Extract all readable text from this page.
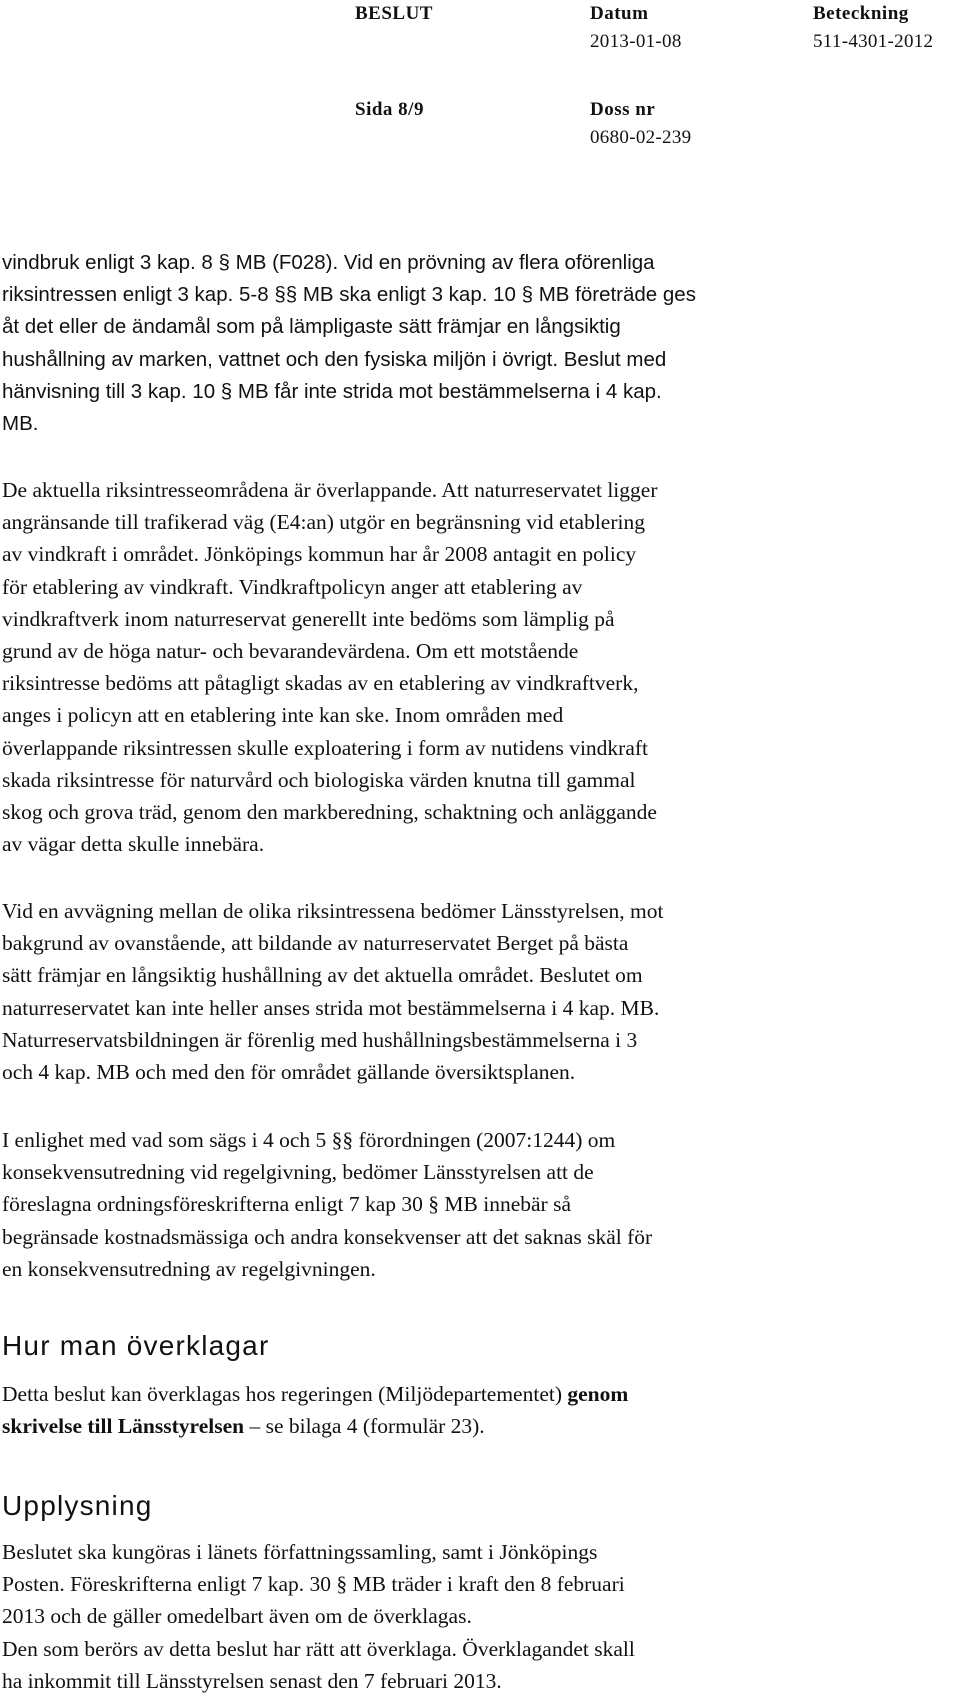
BESLUT	Datum
2013-01-08
Beteckning
511-4301-2012
Sida 8/9	Doss nr
0680-02-239

vindbruk enligt 3 kap. 8 § MB (F028). Vid en prövning av flera oförenliga
riksintressen enligt 3 kap. 5-8 §§ MB ska enligt 3 kap. 10 § MB företräde ges
åt det eller de ändamål som på lämpligaste sätt främjar en långsiktig
hushållning av marken, vattnet och den fysiska miljön i övrigt. Beslut med
hänvisning till 3 kap. 10 § MB får inte strida mot bestämmelserna i 4 kap.
MB.

De aktuella riksintresseområdena är överlappande. Att naturreservatet ligger
angränsande till trafikerad väg (E4:an) utgör en begränsning vid etablering
av vindkraft i området. Jönköpings kommun har år 2008 antagit en policy
för etablering av vindkraft. Vindkraftpolicyn anger att etablering av
vindkraftverk inom naturreservat generellt inte bedöms som lämplig på
grund av de höga natur- och bevarandevärdena. Om ett motstående
riksintresse bedöms att påtagligt skadas av en etablering av vindkraftverk,
anges i policyn att en etablering inte kan ske. Inom områden med
överlappande riksintressen skulle exploatering i form av nutidens vindkraft
skada riksintresse för naturvård och biologiska värden knutna till gammal
skog och grova träd, genom den markberedning, schaktning och anläggande
av vägar detta skulle innebära.

Vid en avvägning mellan de olika riksintressena bedömer Länsstyrelsen, mot
bakgrund av ovanstående, att bildande av naturreservatet Berget på bästa
sätt främjar en långsiktig hushållning av det aktuella området. Beslutet om
naturreservatet kan inte heller anses strida mot bestämmelserna i 4 kap. MB.
Naturreservatsbildningen är förenlig med hushållningsbestämmelserna i 3
och 4 kap. MB och med den för området gällande översiktsplanen.

I enlighet med vad som sägs i 4 och 5 §§ förordningen (2007:1244) om
konsekvensutredning vid regelgivning, bedömer Länsstyrelsen att de
föreslagna ordningsföreskrifterna enligt 7 kap 30 § MB innebär så
begränsade kostnadsmässiga och andra konsekvenser att det saknas skäl för
en konsekvensutredning av regelgivningen.

Hur man överklagar

Detta beslut kan överklagas hos regeringen (Miljödepartementet) genom
skrivelse till Länsstyrelsen – se bilaga 4 (formulär 23).

Upplysning

Beslutet ska kungöras i länets författningssamling, samt i Jönköpings
Posten. Föreskrifterna enligt 7 kap. 30 § MB träder i kraft den 8 februari
2013 och de gäller omedelbart även om de överklagas.

Den som berörs av detta beslut har rätt att överklaga. Överklagandet skall
ha inkommit till Länsstyrelsen senast den 7 februari 2013.
